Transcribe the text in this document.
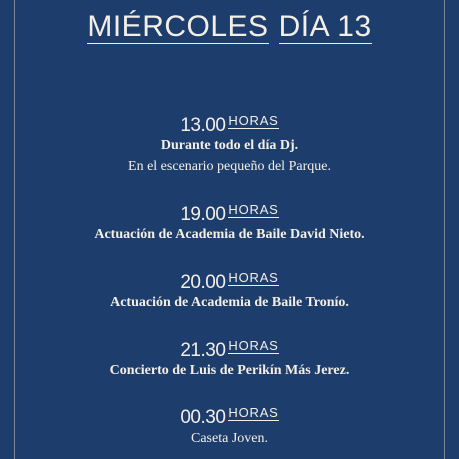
MIÉRCOLES DÍA 13
13.00 HORAS
Durante todo el día Dj.
En el escenario pequeño del Parque.
19.00 HORAS
Actuación de Academia de Baile David Nieto.
20.00 HORAS
Actuación de Academia de Baile Tronío.
21.30 HORAS
Concierto de Luis de Perikín Más Jerez.
00.30 HORAS
Caseta Joven.
